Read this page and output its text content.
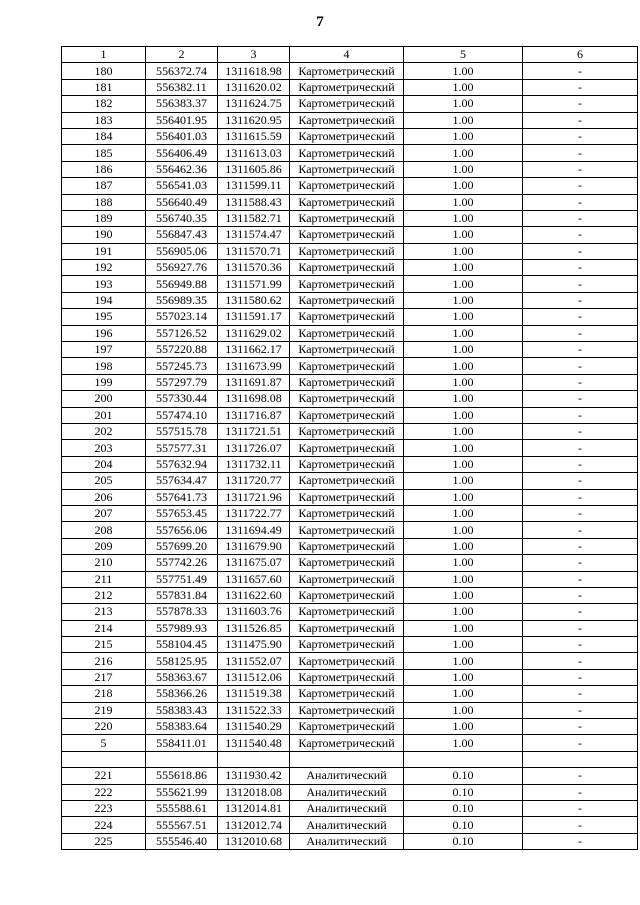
7
1	2	3	4	5	6
180	556372.74	1311618.98	Картометрический	1.00	-
181	556382.11	1311620.02	Картометрический	1.00	-
182	556383.37	1311624.75	Картометрический	1.00	-
183	556401.95	1311620.95	Картометрический	1.00	-
184	556401.03	1311615.59	Картометрический	1.00	-
185	556406.49	1311613.03	Картометрический	1.00	-
186	556462.36	1311605.86	Картометрический	1.00	-
187	556541.03	1311599.11	Картометрический	1.00	-
188	556640.49	1311588.43	Картометрический	1.00	-
189	556740.35	1311582.71	Картометрический	1.00	-
190	556847.43	1311574.47	Картометрический	1.00	-
191	556905.06	1311570.71	Картометрический	1.00	-
192	556927.76	1311570.36	Картометрический	1.00	-
193	556949.88	1311571.99	Картометрический	1.00	-
194	556989.35	1311580.62	Картометрический	1.00	-
195	557023.14	1311591.17	Картометрический	1.00	-
196	557126.52	1311629.02	Картометрический	1.00	-
197	557220.88	1311662.17	Картометрический	1.00	-
198	557245.73	1311673.99	Картометрический	1.00	-
199	557297.79	1311691.87	Картометрический	1.00	-
200	557330.44	1311698.08	Картометрический	1.00	-
201	557474.10	1311716.87	Картометрический	1.00	-
202	557515.78	1311721.51	Картометрический	1.00	-
203	557577.31	1311726.07	Картометрический	1.00	-
204	557632.94	1311732.11	Картометрический	1.00	-
205	557634.47	1311720.77	Картометрический	1.00	-
206	557641.73	1311721.96	Картометрический	1.00	-
207	557653.45	1311722.77	Картометрический	1.00	-
208	557656.06	1311694.49	Картометрический	1.00	-
209	557699.20	1311679.90	Картометрический	1.00	-
210	557742.26	1311675.07	Картометрический	1.00	-
211	557751.49	1311657.60	Картометрический	1.00	-
212	557831.84	1311622.60	Картометрический	1.00	-
213	557878.33	1311603.76	Картометрический	1.00	-
214	557989.93	1311526.85	Картометрический	1.00	-
215	558104.45	1311475.90	Картометрический	1.00	-
216	558125.95	1311552.07	Картометрический	1.00	-
217	558363.67	1311512.06	Картометрический	1.00	-
218	558366.26	1311519.38	Картометрический	1.00	-
219	558383.43	1311522.33	Картометрический	1.00	-
220	558383.64	1311540.29	Картометрический	1.00	-
5	558411.01	1311540.48	Картометрический	1.00	-

221	555618.86	1311930.42	Аналитический	0.10	-
222	555621.99	1312018.08	Аналитический	0.10	-
223	555588.61	1312014.81	Аналитический	0.10	-
224	555567.51	1312012.74	Аналитический	0.10	-
225	555546.40	1312010.68	Аналитический	0.10	-
